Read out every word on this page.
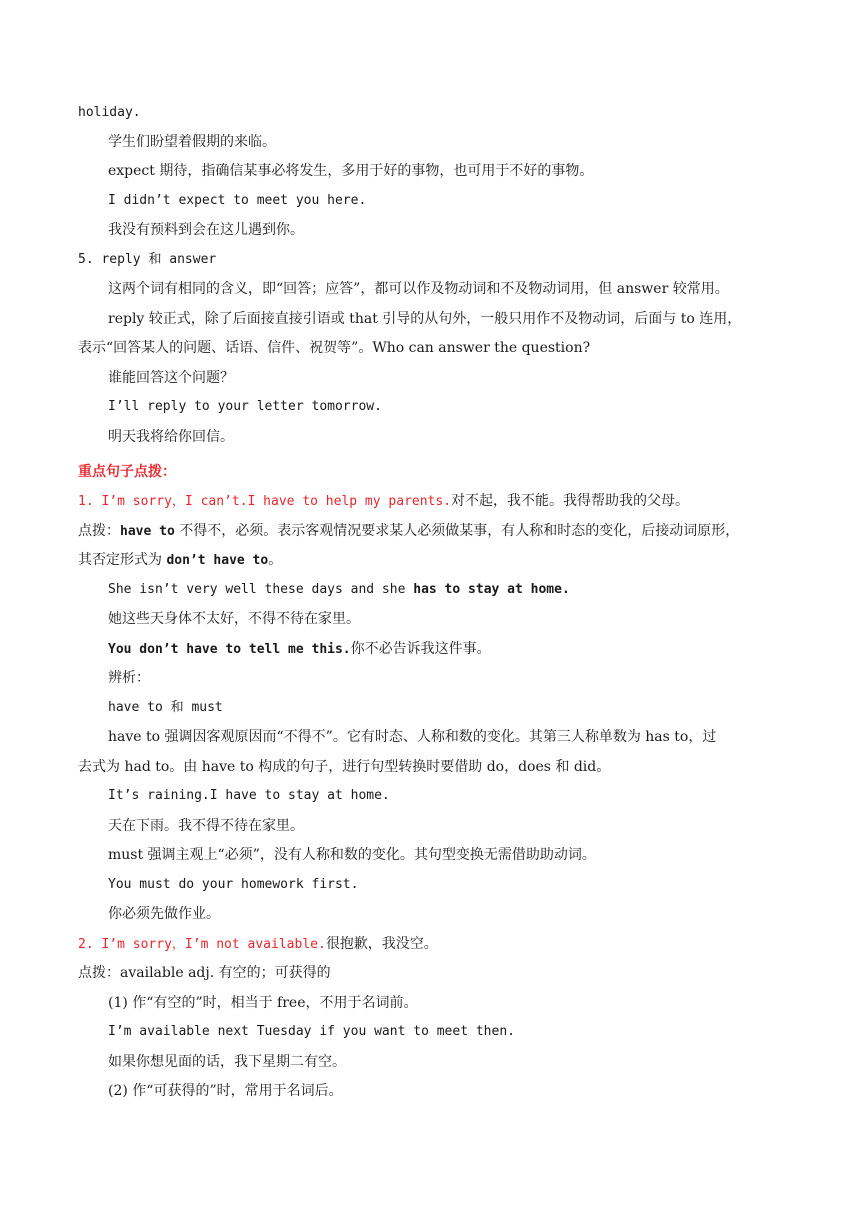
holiday.
学生们盼望着假期的来临。
expect 期待，指确信某事必将发生，多用于好的事物，也可用于不好的事物。
I didn’t expect to meet you here.
我没有预料到会在这儿遇到你。
5. reply 和 answer
这两个词有相同的含义，即“回答；应答”，都可以作及物动词和不及物动词用，但 answer 较常用。
reply 较正式，除了后面接直接引语或 that 引导的从句外，一般只用作不及物动词，后面与 to 连用，
表示“回答某人的问题、话语、信件、祝贺等”。Who can answer the question?
谁能回答这个问题？
I’ll reply to your letter tomorrow.
明天我将给你回信。
重点句子点拨：
1. I’m sorry，I can’t.I have to help my parents.对不起，我不能。我得帮助我的父母。
点拨：have to 不得不，必须。表示客观情况要求某人必须做某事，有人称和时态的变化，后接动词原形，
其否定形式为 don’t have to。
She isn’t very well these days and she has to stay at home.
她这些天身体不太好，不得不待在家里。
You don’t have to tell me this.你不必告诉我这件事。
辨析：
have to 和 must
have to 强调因客观原因而“不得不”。它有时态、人称和数的变化。其第三人称单数为 has to，过
去式为 had to。由 have to 构成的句子，进行句型转换时要借助 do，does 和 did。
It’s raining.I have to stay at home.
天在下雨。我不得不待在家里。
must 强调主观上“必须”，没有人称和数的变化。其句型变换无需借助助动词。
You must do your homework first.
你必须先做作业。
2. I’m sorry，I’m not available.很抱歉，我没空。
点拨：available adj. 有空的；可获得的
(1) 作“有空的”时，相当于 free，不用于名词前。
I’m available next Tuesday if you want to meet then.
如果你想见面的话，我下星期二有空。
(2) 作“可获得的”时，常用于名词后。
